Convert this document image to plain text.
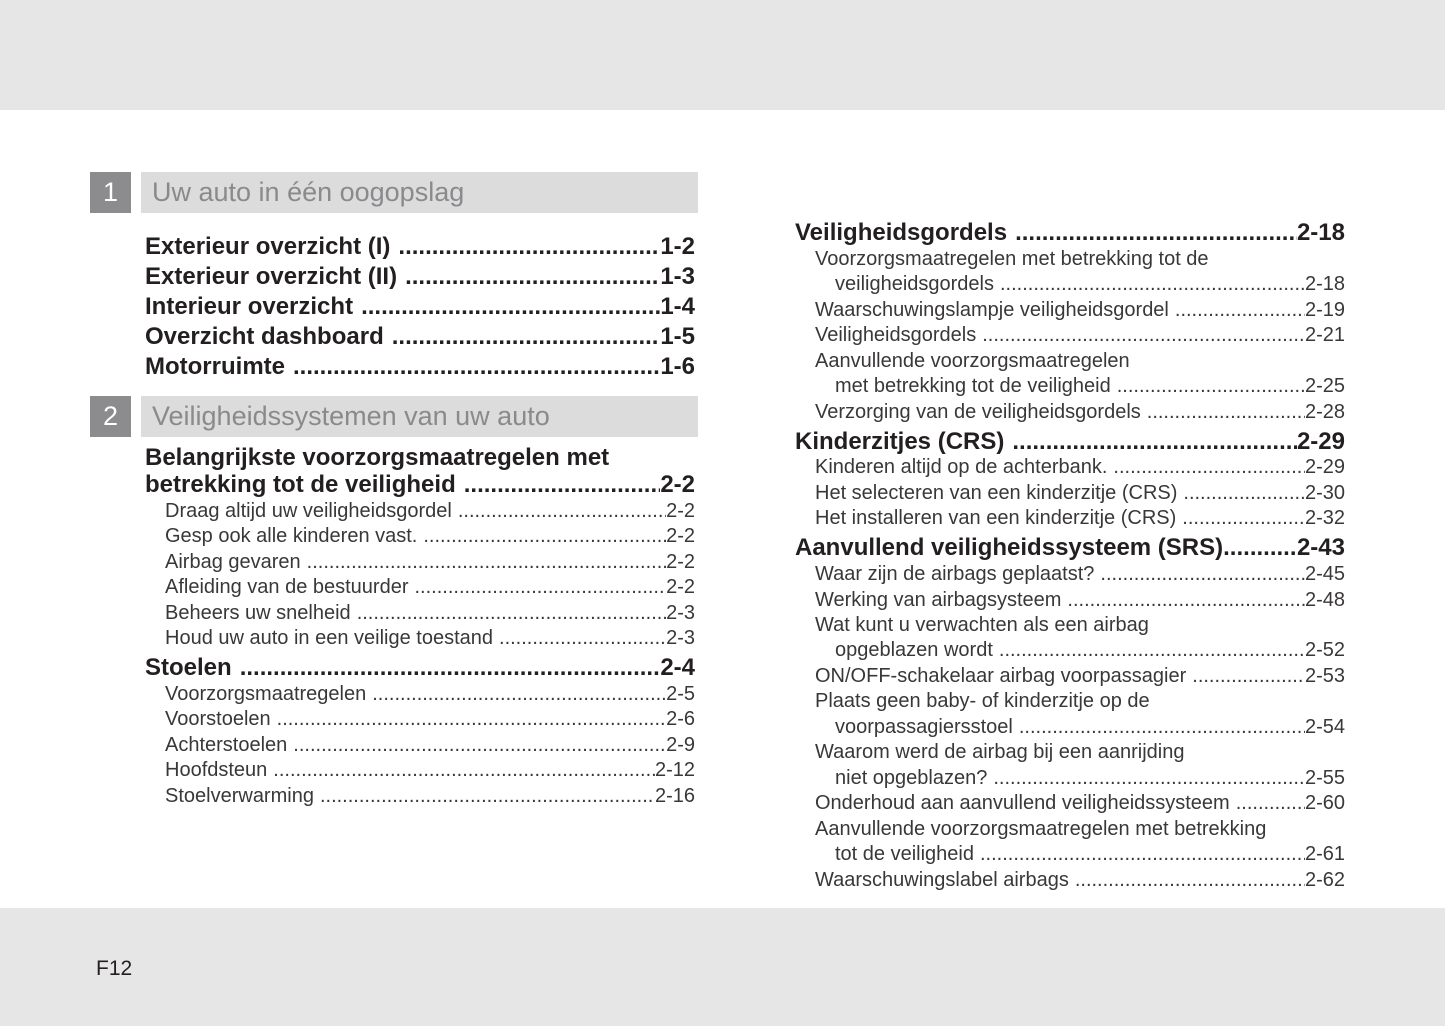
F12
1	Uw auto in één oogopslag
Exterieur overzicht (I) .....	1-2
Exterieur overzicht (II) .....	1-3
Interieur overzicht .....	1-4
Overzicht dashboard .....	1-5
Motorruimte .....	1-6
2	Veiligheidssystemen van uw auto
Belangrijkste voorzorgsmaatregelen met
betrekking tot de veiligheid .....	2-2
Draag altijd uw veiligheidsgordel .....	2-2
Gesp ook alle kinderen vast. .....	2-2
Airbag gevaren .....	2-2
Afleiding van de bestuurder .....	2-2
Beheers uw snelheid .....	2-3
Houd uw auto in een veilige toestand .....	2-3
Stoelen .....	2-4
Voorzorgsmaatregelen .....	2-5
Voorstoelen .....	2-6
Achterstoelen .....	2-9
Hoofdsteun .....	2-12
Stoelverwarming .....	2-16
Veiligheidsgordels .....	2-18
Voorzorgsmaatregelen met betrekking tot de
veiligheidsgordels .....	2-18
Waarschuwingslampje veiligheidsgordel .....	2-19
Veiligheidsgordels .....	2-21
Aanvullende voorzorgsmaatregelen
met betrekking tot de veiligheid .....	2-25
Verzorging van de veiligheidsgordels .....	2-28
Kinderzitjes (CRS) .....	2-29
Kinderen altijd op de achterbank. .....	2-29
Het selecteren van een kinderzitje (CRS) .....	2-30
Het installeren van een kinderzitje (CRS) .....	2-32
Aanvullend veiligheidssysteem (SRS) .....	2-43
Waar zijn de airbags geplaatst? .....	2-45
Werking van airbagsysteem .....	2-48
Wat kunt u verwachten als een airbag
opgeblazen wordt .....	2-52
ON/OFF-schakelaar airbag voorpassagier .....	2-53
Plaats geen baby- of kinderzitje op de
voorpassagiersstoel .....	2-54
Waarom werd de airbag bij een aanrijding
niet opgeblazen? .....	2-55
Onderhoud aan aanvullend veiligheidssysteem .....	2-60
Aanvullende voorzorgsmaatregelen met betrekking
tot de veiligheid .....	2-61
Waarschuwingslabel airbags .....	2-62
